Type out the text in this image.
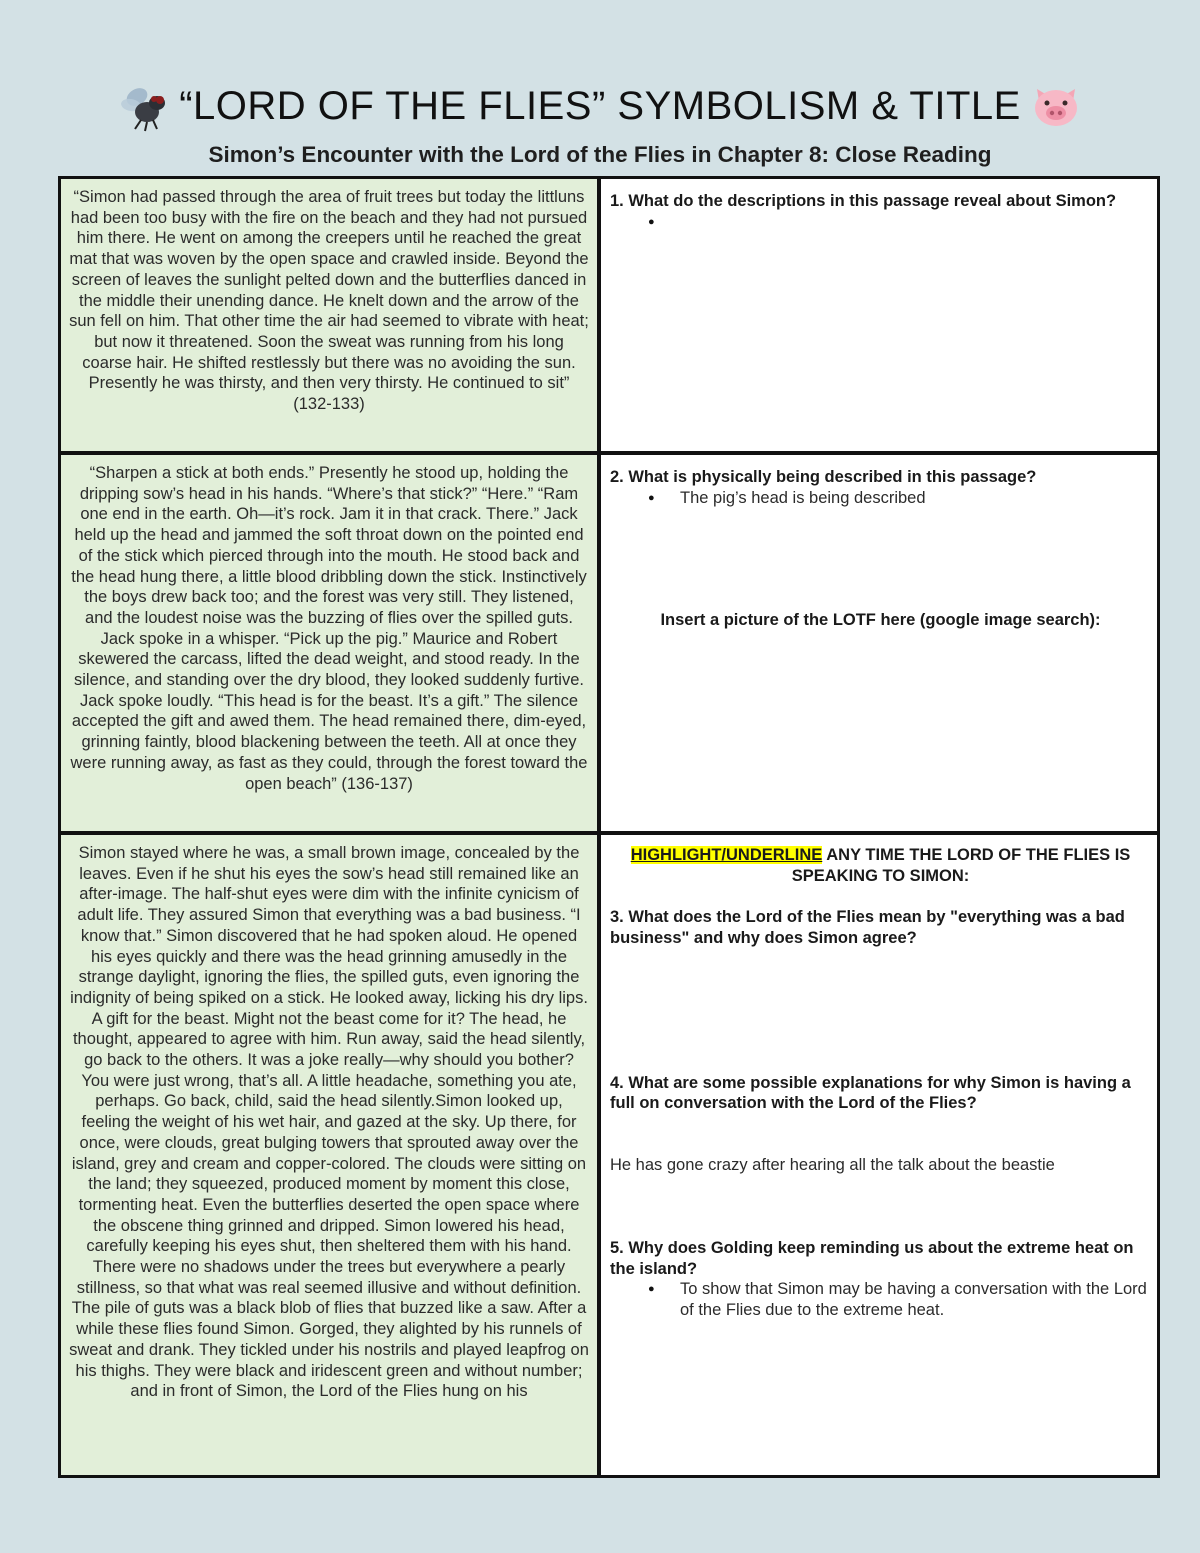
“LORD OF THE FLIES” SYMBOLISM & TITLE
Simon’s Encounter with the Lord of the Flies in Chapter 8: Close Reading

“Simon had passed through the area of fruit trees but today the littluns had been too busy with the fire on the beach and they had not pursued him there. He went on among the creepers until he reached the great mat that was woven by the open space and crawled inside. Beyond the screen of leaves the sunlight pelted down and the butterflies danced in the middle their unending dance. He knelt down and the arrow of the sun fell on him. That other time the air had seemed to vibrate with heat; but now it threatened. Soon the sweat was running from his long coarse hair. He shifted restlessly but there was no avoiding the sun. Presently he was thirsty, and then very thirsty. He continued to sit” (132-133)

1. What do the descriptions in this passage reveal about Simon?

●

“Sharpen a stick at both ends.” Presently he stood up, holding the dripping sow’s head in his hands. “Where’s that stick?” “Here.” “Ram one end in the earth. Oh—it’s rock. Jam it in that crack. There.” Jack held up the head and jammed the soft throat down on the pointed end of the stick which pierced through into the mouth. He stood back and the head hung there, a little blood dribbling down the stick. Instinctively the boys drew back too; and the forest was very still. They listened, and the loudest noise was the buzzing of flies over the spilled guts. Jack spoke in a whisper. “Pick up the pig.” Maurice and Robert skewered the carcass, lifted the dead weight, and stood ready. In the silence, and standing over the dry blood, they looked suddenly furtive. Jack spoke loudly. “This head is for the beast. It’s a gift.” The silence accepted the gift and awed them. The head remained there, dim-eyed, grinning faintly, blood blackening between the teeth. All at once they were running away, as fast as they could, through the forest toward the open beach” (136-137)

2. What is physically being described in this passage?

● The pig’s head is being described

Insert a picture of the LOTF here (google image search):

Simon stayed where he was, a small brown image, concealed by the leaves. Even if he shut his eyes the sow’s head still remained like an after-image. The half-shut eyes were dim with the infinite cynicism of adult life. They assured Simon that everything was a bad business. “I know that.” Simon discovered that he had spoken aloud. He opened his eyes quickly and there was the head grinning amusedly in the strange daylight, ignoring the flies, the spilled guts, even ignoring the indignity of being spiked on a stick. He looked away, licking his dry lips. A gift for the beast. Might not the beast come for it? The head, he thought, appeared to agree with him. Run away, said the head silently, go back to the others. It was a joke really—why should you bother? You were just wrong, that’s all. A little headache, something you ate, perhaps. Go back, child, said the head silently.Simon looked up, feeling the weight of his wet hair, and gazed at the sky. Up there, for once, were clouds, great bulging towers that sprouted away over the island, grey and cream and copper-colored. The clouds were sitting on the land; they squeezed, produced moment by moment this close, tormenting heat. Even the butterflies deserted the open space where the obscene thing grinned and dripped. Simon lowered his head, carefully keeping his eyes shut, then sheltered them with his hand. There were no shadows under the trees but everywhere a pearly stillness, so that what was real seemed illusive and without definition. The pile of guts was a black blob of flies that buzzed like a saw. After a while these flies found Simon. Gorged, they alighted by his runnels of sweat and drank. They tickled under his nostrils and played leapfrog on his thighs. They were black and iridescent green and without number; and in front of Simon, the Lord of the Flies hung on his

HIGHLIGHT/UNDERLINE ANY TIME THE LORD OF THE FLIES IS SPEAKING TO SIMON:

3. What does the Lord of the Flies mean by "everything was a bad business" and why does Simon agree?

4. What are some possible explanations for why Simon is having a full on conversation with the Lord of the Flies?

He has gone crazy after hearing all the talk about the beastie

5. Why does Golding keep reminding us about the extreme heat on the island?

● To show that Simon may be having a conversation with the Lord of the Flies due to the extreme heat.
